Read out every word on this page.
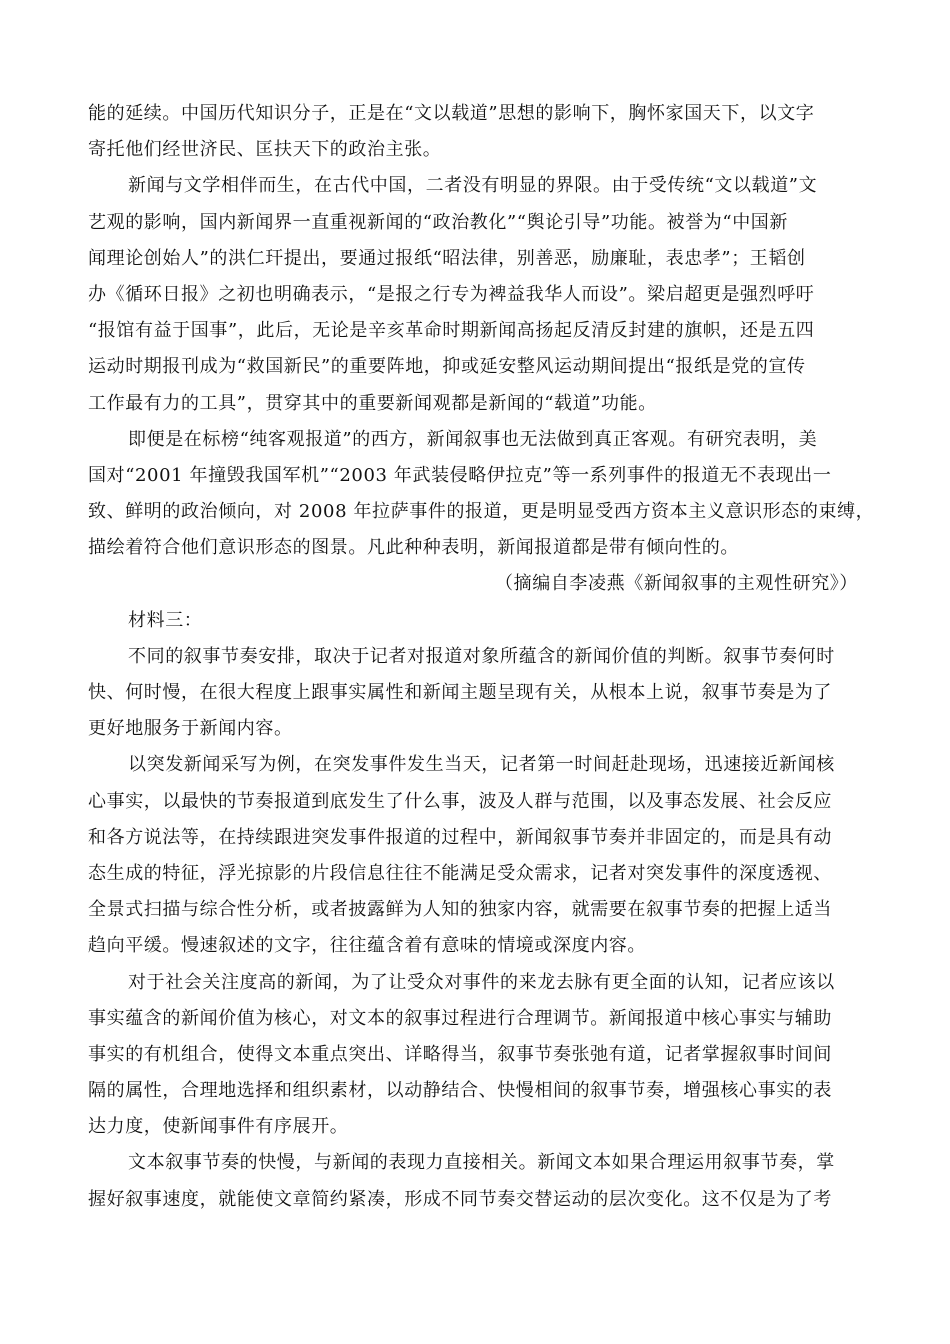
能的延续。中国历代知识分子，正是在“文以载道”思想的影响下，胸怀家国天下，以文字
寄托他们经世济民、匡扶天下的政治主张。
新闻与文学相伴而生，在古代中国，二者没有明显的界限。由于受传统“文以载道”文
艺观的影响，国内新闻界一直重视新闻的“政治教化”“舆论引导”功能。被誉为“中国新
闻理论创始人”的洪仁玕提出，要通过报纸“昭法律，别善恶，励廉耻，表忠孝”；王韬创
办《循环日报》之初也明确表示，“是报之行专为裨益我华人而设”。梁启超更是强烈呼吁
“报馆有益于国事”，此后，无论是辛亥革命时期新闻高扬起反清反封建的旗帜，还是五四
运动时期报刊成为“救国新民”的重要阵地，抑或延安整风运动期间提出“报纸是党的宣传
工作最有力的工具”，贯穿其中的重要新闻观都是新闻的“载道”功能。
即便是在标榜“纯客观报道”的西方，新闻叙事也无法做到真正客观。有研究表明，美
国对“2001 年撞毁我国军机”“2003 年武装侵略伊拉克”等一系列事件的报道无不表现出一
致、鲜明的政治倾向，对 2008 年拉萨事件的报道，更是明显受西方资本主义意识形态的束缚，
描绘着符合他们意识形态的图景。凡此种种表明，新闻报道都是带有倾向性的。
（摘编自李凌燕《新闻叙事的主观性研究》）
材料三：
不同的叙事节奏安排，取决于记者对报道对象所蕴含的新闻价值的判断。叙事节奏何时
快、何时慢，在很大程度上跟事实属性和新闻主题呈现有关，从根本上说，叙事节奏是为了
更好地服务于新闻内容。
以突发新闻采写为例，在突发事件发生当天，记者第一时间赶赴现场，迅速接近新闻核
心事实，以最快的节奏报道到底发生了什么事，波及人群与范围，以及事态发展、社会反应
和各方说法等，在持续跟进突发事件报道的过程中，新闻叙事节奏并非固定的，而是具有动
态生成的特征，浮光掠影的片段信息往往不能满足受众需求，记者对突发事件的深度透视、
全景式扫描与综合性分析，或者披露鲜为人知的独家内容，就需要在叙事节奏的把握上适当
趋向平缓。慢速叙述的文字，往往蕴含着有意味的情境或深度内容。
对于社会关注度高的新闻，为了让受众对事件的来龙去脉有更全面的认知，记者应该以
事实蕴含的新闻价值为核心，对文本的叙事过程进行合理调节。新闻报道中核心事实与辅助
事实的有机组合，使得文本重点突出、详略得当，叙事节奏张弛有道，记者掌握叙事时间间
隔的属性，合理地选择和组织素材，以动静结合、快慢相间的叙事节奏，增强核心事实的表
达力度，使新闻事件有序展开。
文本叙事节奏的快慢，与新闻的表现力直接相关。新闻文本如果合理运用叙事节奏，掌
握好叙事速度，就能使文章简约紧凑，形成不同节奏交替运动的层次变化。这不仅是为了考
